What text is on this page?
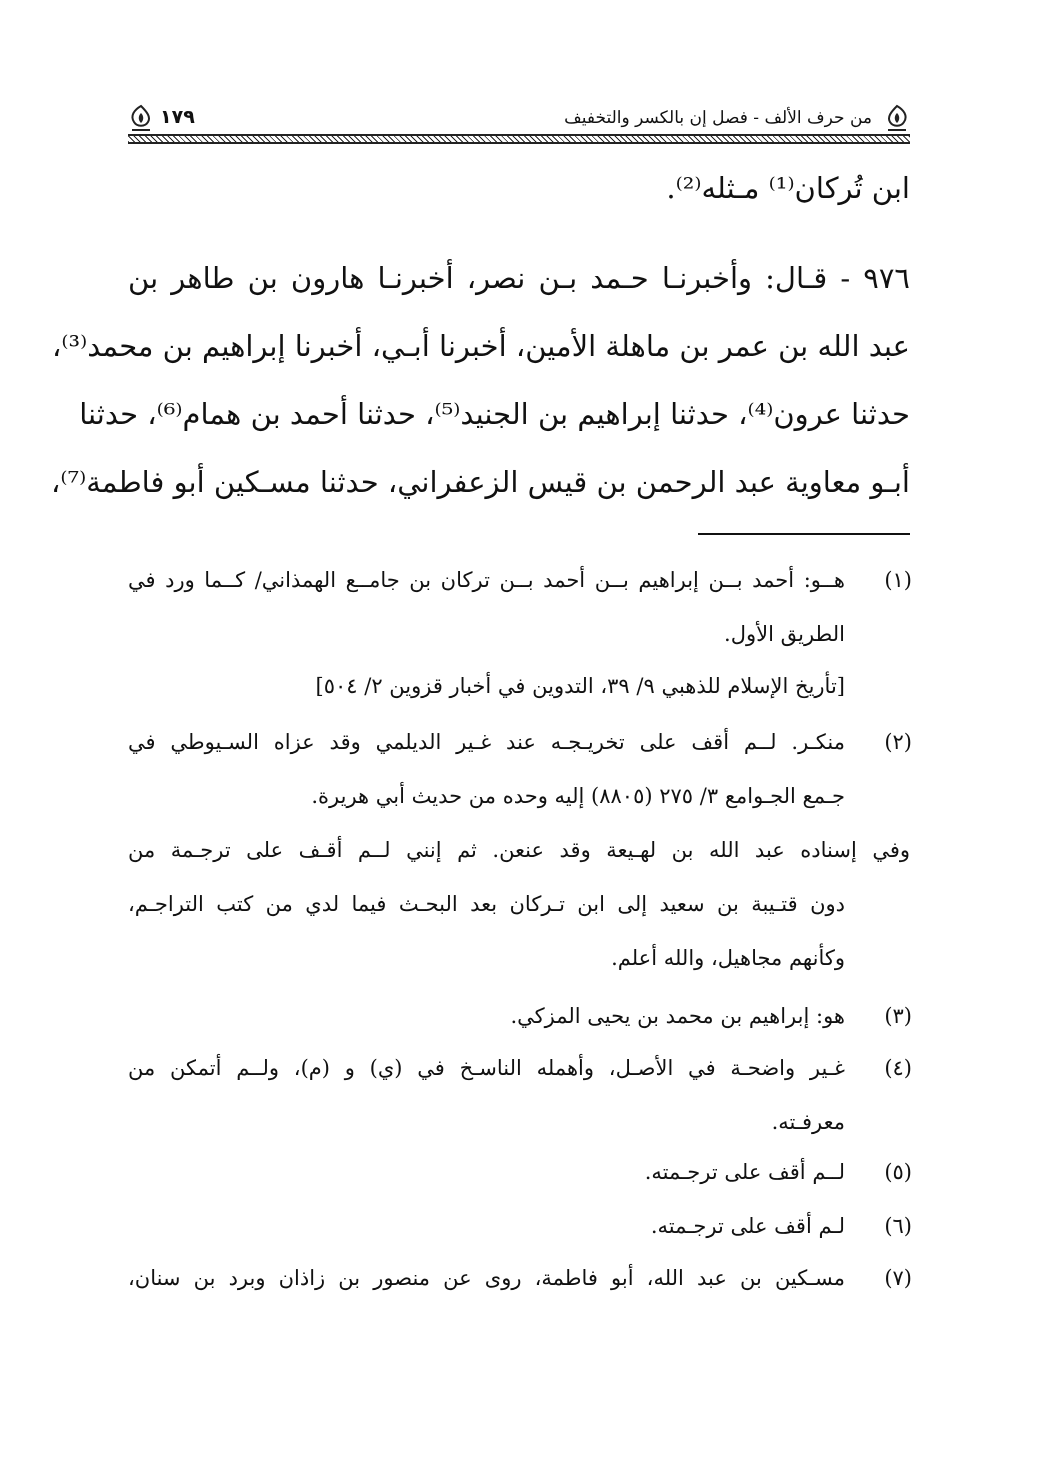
من حرف الألف - فصل إن بالكسر والتخفيف
١٧٩
ابن تُركان⁽¹⁾ مـثله⁽²⁾.
٩٧٦ - قـال: وأخبرنـا حـمد بـن نصر، أخبرنـا هارون بن طاهر بن
عبد الله بن عمر بن ماهلة الأمين، أخبرنا أبـي، أخبرنا إبراهيم بن محمد⁽³⁾،
حدثنا عرون⁽⁴⁾، حدثنا إبراهيم بن الجنيد⁽⁵⁾، حدثنا أحمد بن همام⁽⁶⁾، حدثنا
أبـو معاوية عبد الرحمن بن قيس الزعفراني، حدثنا مسـكين أبو فاطمة⁽⁷⁾،
(١)
هــو: أحمد بــن إبراهيم بــن أحمد بــن تركان بن جامــع الهمذاني/ كــما ورد في
الطريق الأول.
[تأريخ الإسلام للذهبي ٩/ ٣٩، التدوين في أخبار قزوين ٢/ ٥٠٤]
(٢)
منكـر. لــم أقف على تخريـجـه عند غـير الديلمي وقد عزاه السـيوطي في
جـمع الجـوامع ٣/ ٢٧٥ (٨٨٠٥) إليه وحده من حديث أبي هريرة.
وفي إسناده عبد الله بن لهـيعة وقد عنعن. ثم إنني لــم أقـف على ترجـمة من
دون قتـيبة بن سعيد إلى ابن تـركان بعد البحـث فيما لدي من كتب التراجـم،
وكأنهم مجاهيل، والله أعلم.
(٣)
هو: إبراهيم بن محمد بن يحيى المزكي.
(٤)
غـير واضحـة في الأصـل، وأهمله الناسـخ في (ي) و (م)، ولــم أتمكن من
معرفـته.
(٥)
لــم أقف على ترجـمته.
(٦)
لـم أقف على ترجـمته.
(٧)
مسـكين بن عبد الله، أبو فاطمة، روى عن منصور بن زاذان وبرد بن سنان،
